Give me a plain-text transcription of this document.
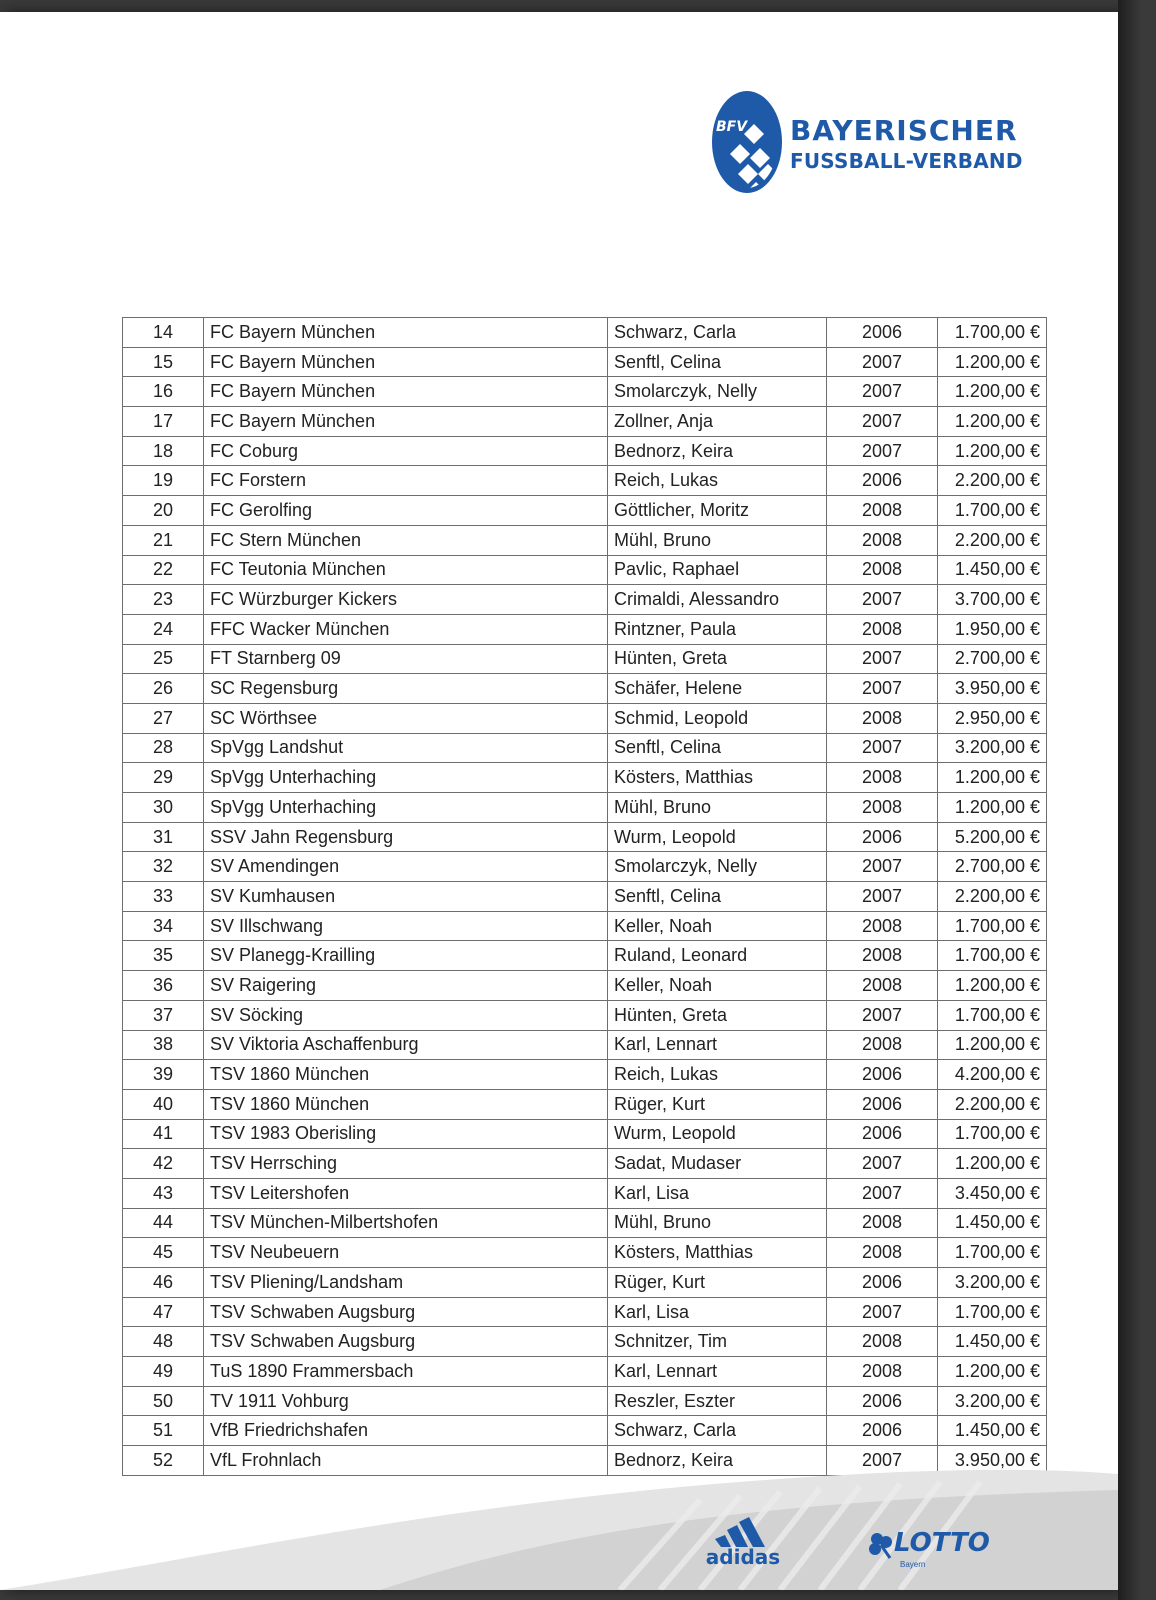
BFV BAYERISCHER
FUSSBALL-VERBAND
14	FC Bayern München	Schwarz, Carla	2006	1.700,00 €
15	FC Bayern München	Senftl, Celina	2007	1.200,00 €
16	FC Bayern München	Smolarczyk, Nelly	2007	1.200,00 €
17	FC Bayern München	Zollner, Anja	2007	1.200,00 €
18	FC Coburg	Bednorz, Keira	2007	1.200,00 €
19	FC Forstern	Reich, Lukas	2006	2.200,00 €
20	FC Gerolfing	Göttlicher, Moritz	2008	1.700,00 €
21	FC Stern München	Mühl, Bruno	2008	2.200,00 €
22	FC Teutonia München	Pavlic, Raphael	2008	1.450,00 €
23	FC Würzburger Kickers	Crimaldi, Alessandro	2007	3.700,00 €
24	FFC Wacker München	Rintzner, Paula	2008	1.950,00 €
25	FT Starnberg 09	Hünten, Greta	2007	2.700,00 €
26	SC Regensburg	Schäfer, Helene	2007	3.950,00 €
27	SC Wörthsee	Schmid, Leopold	2008	2.950,00 €
28	SpVgg Landshut	Senftl, Celina	2007	3.200,00 €
29	SpVgg Unterhaching	Kösters, Matthias	2008	1.200,00 €
30	SpVgg Unterhaching	Mühl, Bruno	2008	1.200,00 €
31	SSV Jahn Regensburg	Wurm, Leopold	2006	5.200,00 €
32	SV Amendingen	Smolarczyk, Nelly	2007	2.700,00 €
33	SV Kumhausen	Senftl, Celina	2007	2.200,00 €
34	SV Illschwang	Keller, Noah	2008	1.700,00 €
35	SV Planegg-Krailling	Ruland, Leonard	2008	1.700,00 €
36	SV Raigering	Keller, Noah	2008	1.200,00 €
37	SV Söcking	Hünten, Greta	2007	1.700,00 €
38	SV Viktoria Aschaffenburg	Karl, Lennart	2008	1.200,00 €
39	TSV 1860 München	Reich, Lukas	2006	4.200,00 €
40	TSV 1860 München	Rüger, Kurt	2006	2.200,00 €
41	TSV 1983 Oberisling	Wurm, Leopold	2006	1.700,00 €
42	TSV Herrsching	Sadat, Mudaser	2007	1.200,00 €
43	TSV Leitershofen	Karl, Lisa	2007	3.450,00 €
44	TSV München-Milbertshofen	Mühl, Bruno	2008	1.450,00 €
45	TSV Neubeuern	Kösters, Matthias	2008	1.700,00 €
46	TSV Pliening/Landsham	Rüger, Kurt	2006	3.200,00 €
47	TSV Schwaben Augsburg	Karl, Lisa	2007	1.700,00 €
48	TSV Schwaben Augsburg	Schnitzer, Tim	2008	1.450,00 €
49	TuS 1890 Frammersbach	Karl, Lennart	2008	1.200,00 €
50	TV 1911 Vohburg	Reszler, Eszter	2006	3.200,00 €
51	VfB Friedrichshafen	Schwarz, Carla	2006	1.450,00 €
52	VfL Frohnlach	Bednorz, Keira	2007	3.950,00 €
adidas	LOTTO
Bayern
